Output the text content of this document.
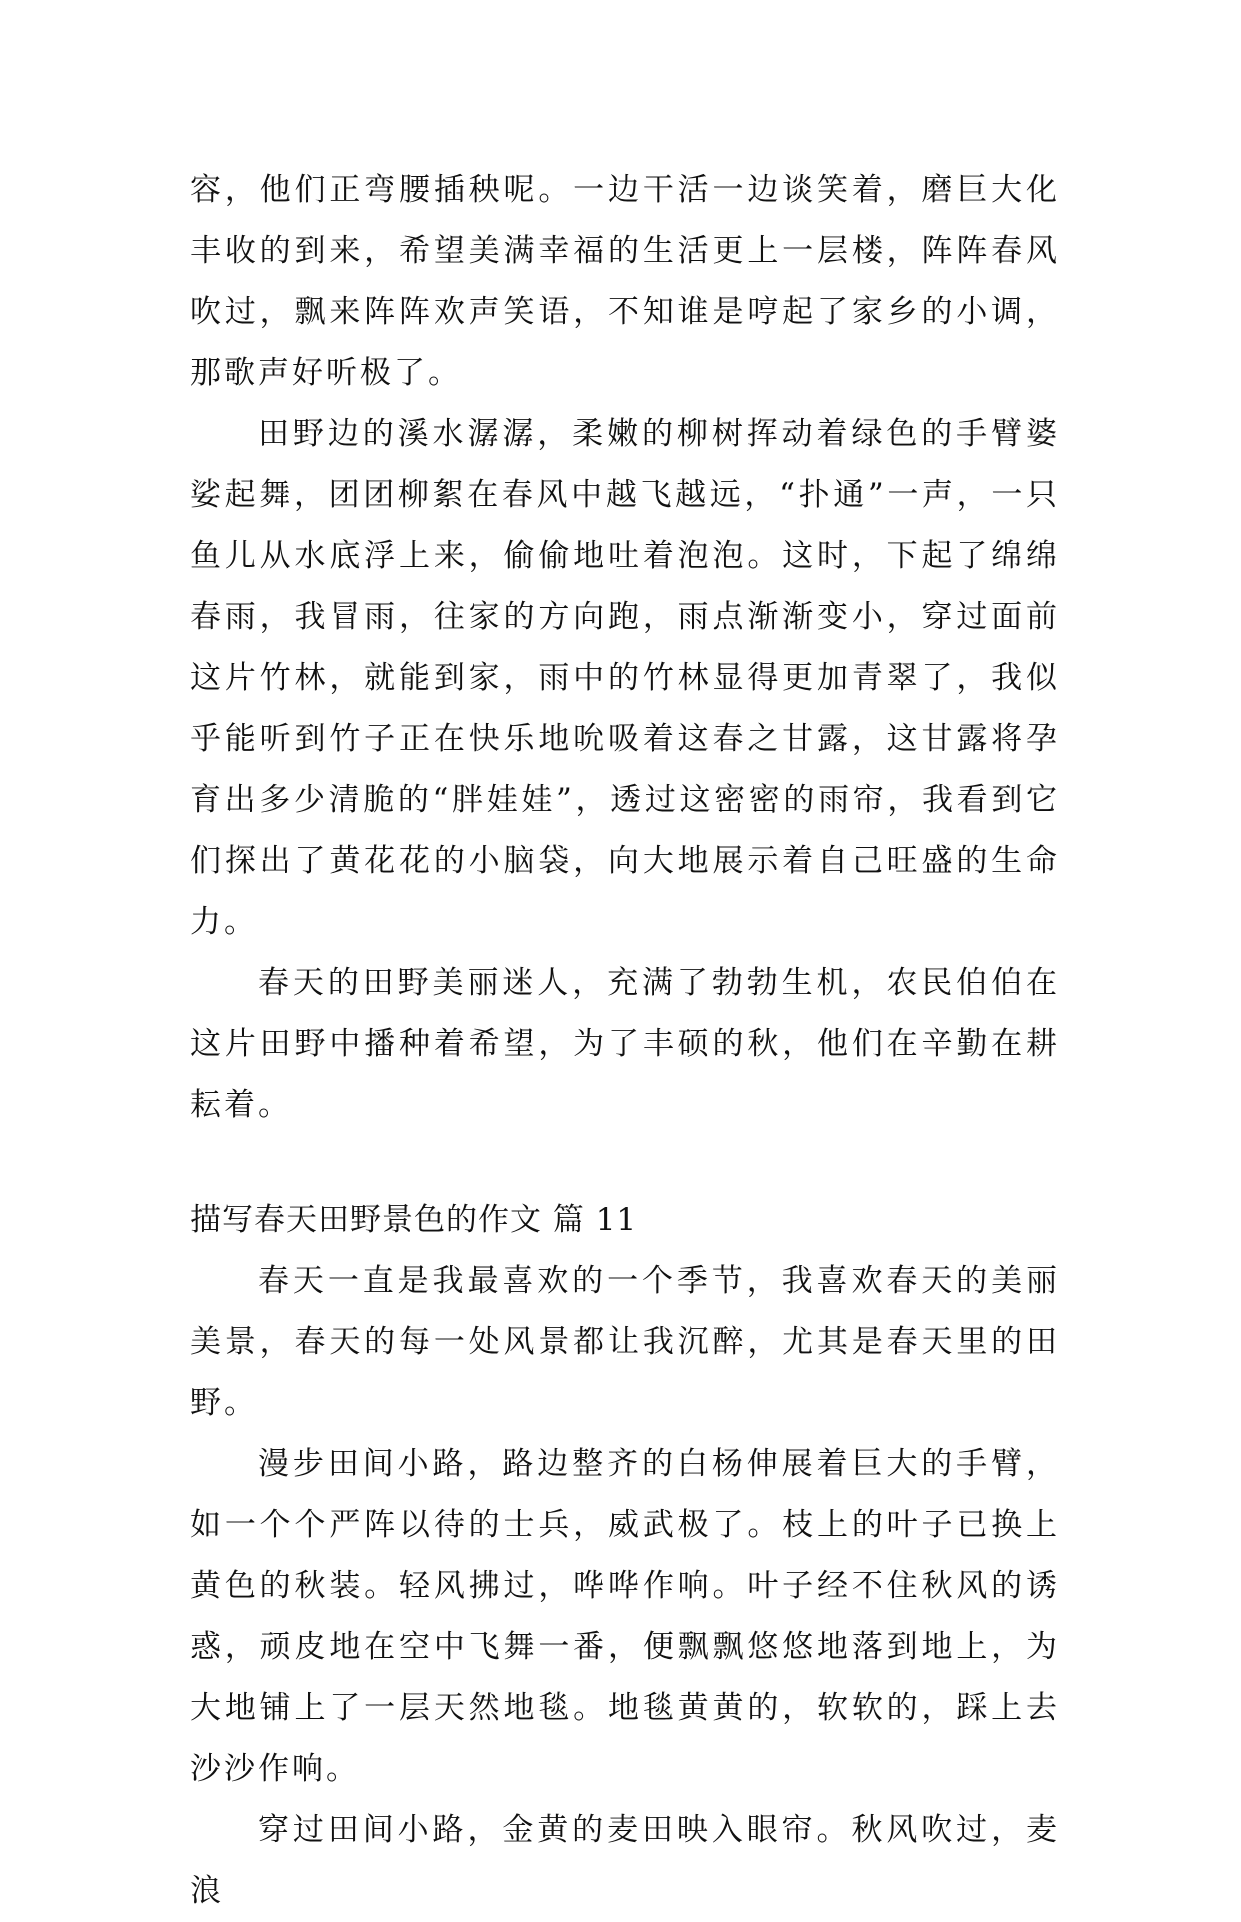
容，他们正弯腰插秧呢。一边干活一边谈笑着，磨巨大化丰收的到来，希望美满幸福的生活更上一层楼，阵阵春风吹过，飘来阵阵欢声笑语，不知谁是哼起了家乡的小调，那歌声好听极了。

田野边的溪水潺潺，柔嫩的柳树挥动着绿色的手臂婆娑起舞，团团柳絮在春风中越飞越远，“扑通”一声，一只鱼儿从水底浮上来，偷偷地吐着泡泡。这时，下起了绵绵春雨，我冒雨，往家的方向跑，雨点渐渐变小，穿过面前这片竹林，就能到家，雨中的竹林显得更加青翠了，我似乎能听到竹子正在快乐地吮吸着这春之甘露，这甘露将孕育出多少清脆的“胖娃娃”，透过这密密的雨帘，我看到它们探出了黄花花的小脑袋，向大地展示着自己旺盛的生命力。

春天的田野美丽迷人，充满了勃勃生机，农民伯伯在这片田野中播种着希望，为了丰硕的秋，他们在辛勤在耕耘着。

描写春天田野景色的作文 篇 11

春天一直是我最喜欢的一个季节，我喜欢春天的美丽美景，春天的每一处风景都让我沉醉，尤其是春天里的田野。

漫步田间小路，路边整齐的白杨伸展着巨大的手臂，如一个个严阵以待的士兵，威武极了。枝上的叶子已换上黄色的秋装。轻风拂过，哗哗作响。叶子经不住秋风的诱惑，顽皮地在空中飞舞一番，便飘飘悠悠地落到地上，为大地铺上了一层天然地毯。地毯黄黄的，软软的，踩上去沙沙作响。

穿过田间小路，金黄的麦田映入眼帘。秋风吹过，麦浪
